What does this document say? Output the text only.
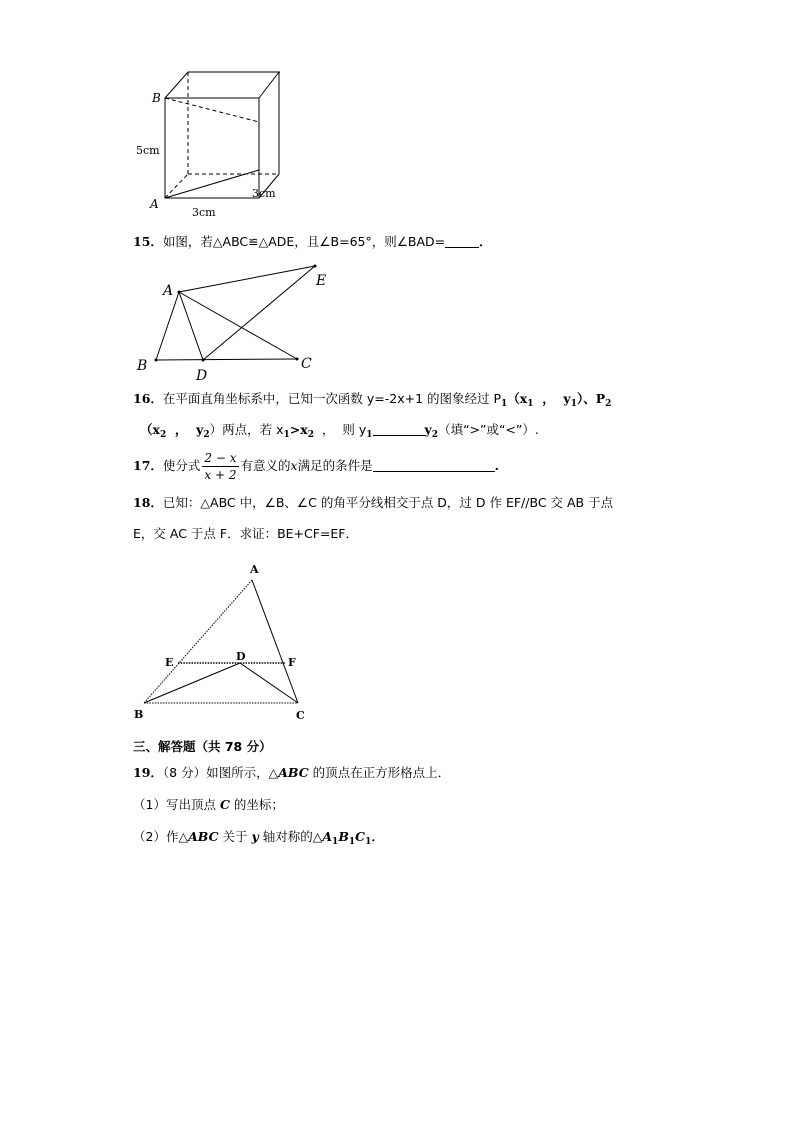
B
A
5cm
3cm
3cm
15．如图，若△ABC≌△ADE，且∠B=65°，则∠BAD=	．
A
B	C
D
E
16．在平面直角坐标系中，已知一次函数 y=-2x+1 的图象经过 $P_1(x_1$  ，  $y_1$）、$P_2$
（$x_2$  ，  $y_2$）两点，若 $x_1>x_2$  ，  则 $y_1$	$y_2$（填“>”或“<”）.
17．使分式 $\frac{2 - x}{x + 2}$ 有意义的x满足的条件是	.
18．已知：△ABC 中，∠B、∠C 的角平分线相交于点 D，过 D 作 EF//BC 交 AB 于点
E，交 AC 于点 F．求证：BE+CF=EF．
A
B	C
D
E	F
三、解答题（共 78 分）
19．（8 分）如图所示，△ABC 的顶点在正方形格点上．
（1）写出顶点 C 的坐标；
（2）作△ABC 关于 y 轴对称的$\triangle A_1B_1C_1$．
